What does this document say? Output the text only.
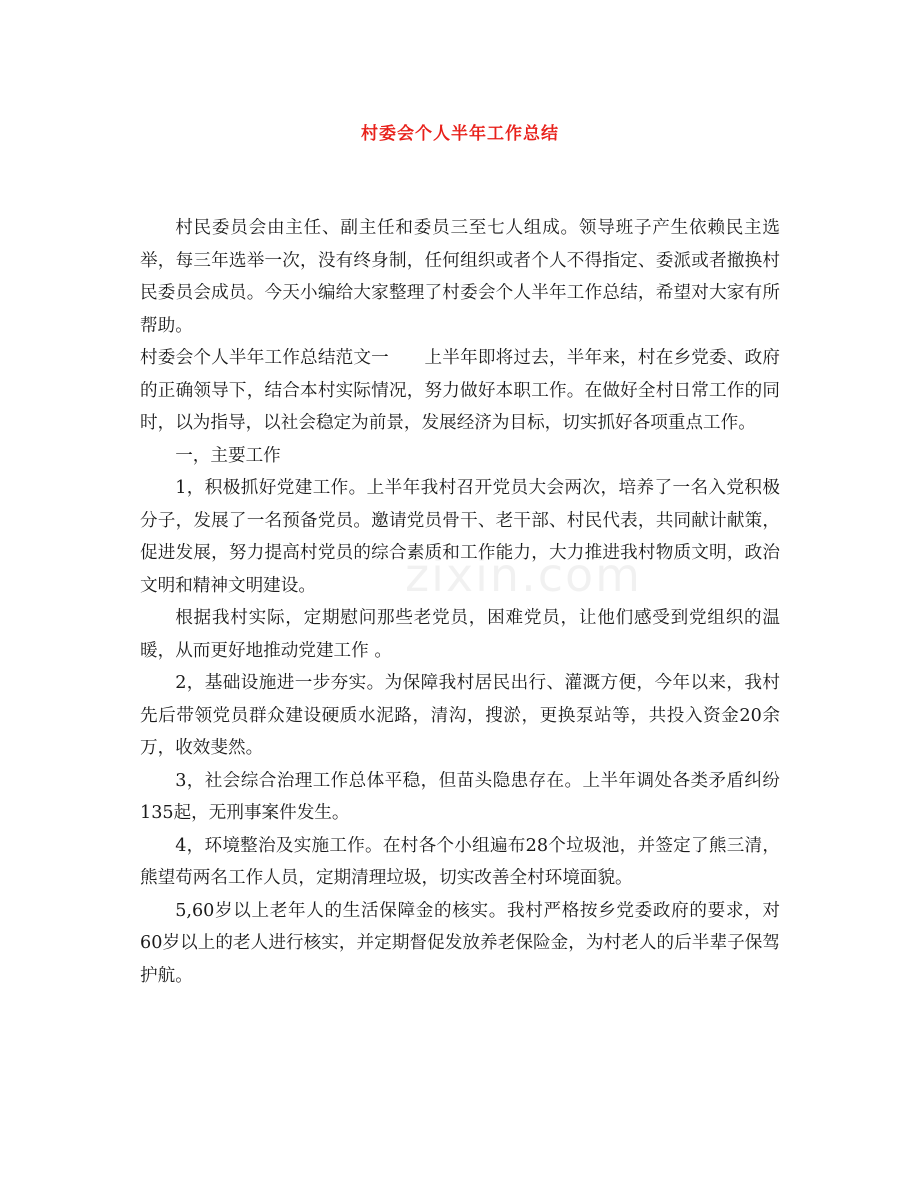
村委会个人半年工作总结

村民委员会由主任、副主任和委员三至七人组成。领导班子产生依赖民主选举，每三年选举一次，没有终身制，任何组织或者个人不得指定、委派或者撤换村民委员会成员。今天小编给大家整理了村委会个人半年工作总结，希望对大家有所帮助。

村委会个人半年工作总结范文一　　上半年即将过去，半年来，村在乡党委、政府的正确领导下，结合本村实际情况，努力做好本职工作。在做好全村日常工作的同时，以为指导，以社会稳定为前景，发展经济为目标，切实抓好各项重点工作。

一，主要工作

1，积极抓好党建工作。上半年我村召开党员大会两次，培养了一名入党积极分子，发展了一名预备党员。邀请党员骨干、老干部、村民代表，共同献计献策，促进发展，努力提高村党员的综合素质和工作能力，大力推进我村物质文明，政治文明和精神文明建设。

根据我村实际，定期慰问那些老党员，困难党员，让他们感受到党组织的温暖，从而更好地推动党建工作 。

2，基础设施进一步夯实。为保障我村居民出行、灌溉方便，今年以来，我村先后带领党员群众建设硬质水泥路，清沟，搜淤，更换泵站等，共投入资金20余万，收效斐然。

3，社会综合治理工作总体平稳，但苗头隐患存在。上半年调处各类矛盾纠纷135起，无刑事案件发生。

4，环境整治及实施工作。在村各个小组遍布28个垃圾池，并签定了熊三清，熊望苟两名工作人员，定期清理垃圾，切实改善全村环境面貌。

5,60岁以上老年人的生活保障金的核实。我村严格按乡党委政府的要求，对60岁以上的老人进行核实，并定期督促发放养老保险金，为村老人的后半辈子保驾护航。

zixin.com
